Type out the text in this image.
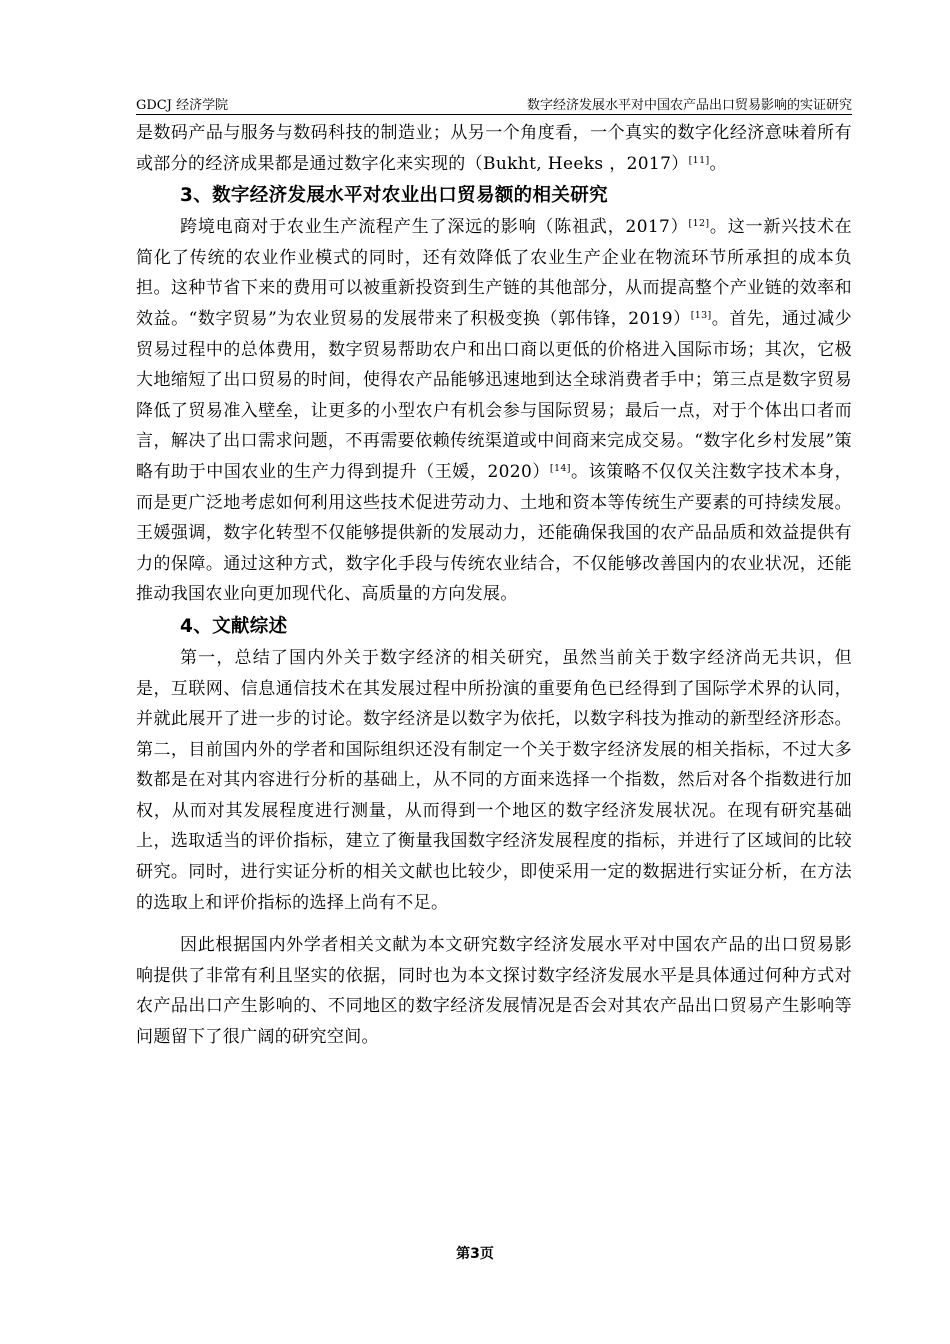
GDCJ 经济学院	数字经济发展水平对中国农产品出口贸易影响的实证研究

是数码产品与服务与数码科技的制造业；从另一个角度看，一个真实的数字化经济意味着所有或部分的经济成果都是通过数字化来实现的（Bukht, Heeks ，2017）[11]。

3、数字经济发展水平对农业出口贸易额的相关研究

跨境电商对于农业生产流程产生了深远的影响（陈祖武，2017）[12]。这一新兴技术在简化了传统的农业作业模式的同时，还有效降低了农业生产企业在物流环节所承担的成本负担。这种节省下来的费用可以被重新投资到生产链的其他部分，从而提高整个产业链的效率和效益。“数字贸易”为农业贸易的发展带来了积极变换（郭伟锋，2019）[13]。首先，通过减少贸易过程中的总体费用，数字贸易帮助农户和出口商以更低的价格进入国际市场；其次，它极大地缩短了出口贸易的时间，使得农产品能够迅速地到达全球消费者手中；第三点是数字贸易降低了贸易准入壁垒，让更多的小型农户有机会参与国际贸易；最后一点，对于个体出口者而言，解决了出口需求问题，不再需要依赖传统渠道或中间商来完成交易。“数字化乡村发展”策略有助于中国农业的生产力得到提升（王媛，2020）[14]。该策略不仅仅关注数字技术本身，而是更广泛地考虑如何利用这些技术促进劳动力、土地和资本等传统生产要素的可持续发展。王媛强调，数字化转型不仅能够提供新的发展动力，还能确保我国的农产品品质和效益提供有力的保障。通过这种方式，数字化手段与传统农业结合，不仅能够改善国内的农业状况，还能推动我国农业向更加现代化、高质量的方向发展。

4、文献综述

第一，总结了国内外关于数字经济的相关研究，虽然当前关于数字经济尚无共识，但是，互联网、信息通信技术在其发展过程中所扮演的重要角色已经得到了国际学术界的认同，并就此展开了进一步的讨论。数字经济是以数字为依托，以数字科技为推动的新型经济形态。第二，目前国内外的学者和国际组织还没有制定一个关于数字经济发展的相关指标，不过大多数都是在对其内容进行分析的基础上，从不同的方面来选择一个指数，然后对各个指数进行加权，从而对其发展程度进行测量，从而得到一个地区的数字经济发展状况。在现有研究基础上，选取适当的评价指标，建立了衡量我国数字经济发展程度的指标，并进行了区域间的比较研究。同时，进行实证分析的相关文献也比较少，即使采用一定的数据进行实证分析，在方法的选取上和评价指标的选择上尚有不足。

因此根据国内外学者相关文献为本文研究数字经济发展水平对中国农产品的出口贸易影响提供了非常有利且坚实的依据，同时也为本文探讨数字经济发展水平是具体通过何种方式对农产品出口产生影响的、不同地区的数字经济发展情况是否会对其农产品出口贸易产生影响等问题留下了很广阔的研究空间。

第3页
